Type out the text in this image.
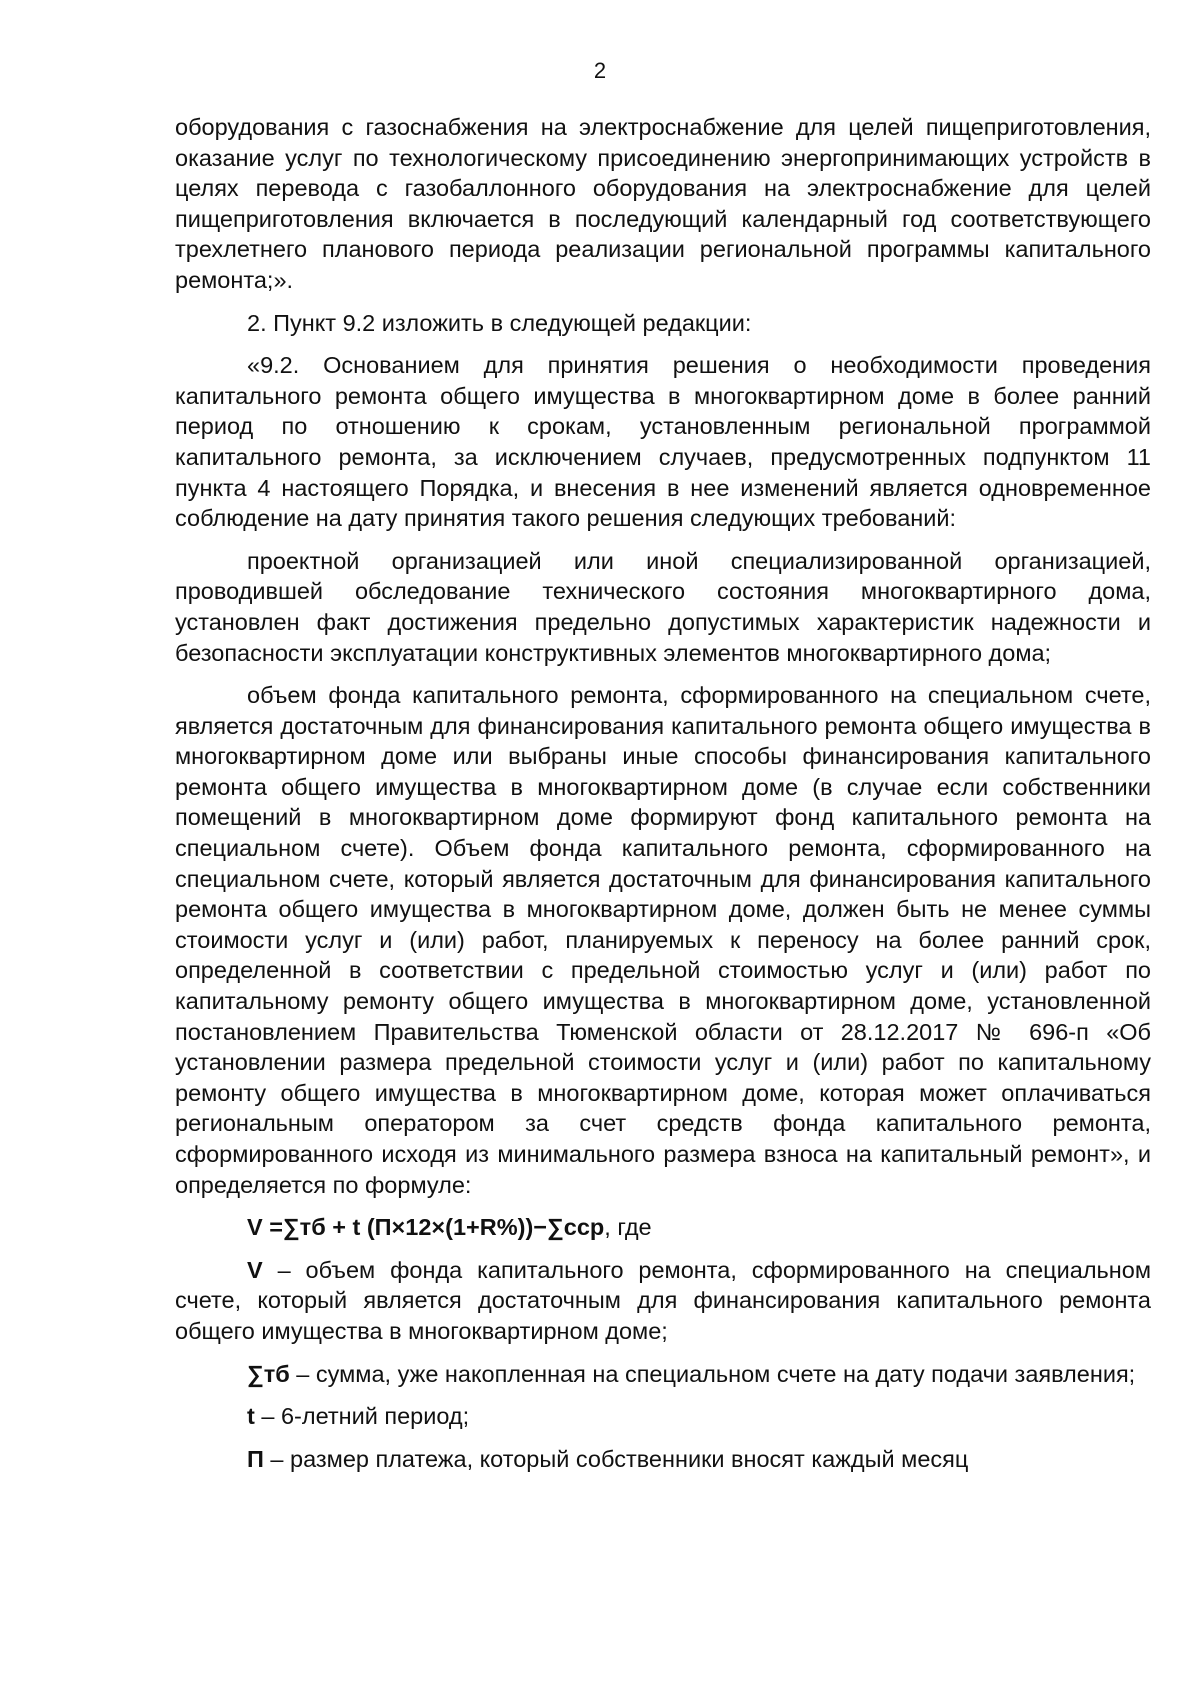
2

оборудования с газоснабжения на электроснабжение для целей пищеприготовления, оказание услуг по технологическому присоединению энергопринимающих устройств в целях перевода с газобаллонного оборудования на электроснабжение для целей пищеприготовления включается в последующий календарный год соответствующего трехлетнего планового периода реализации региональной программы капитального ремонта;».

2. Пункт 9.2 изложить в следующей редакции:

«9.2. Основанием для принятия решения о необходимости проведения капитального ремонта общего имущества в многоквартирном доме в более ранний период по отношению к срокам, установленным региональной программой капитального ремонта, за исключением случаев, предусмотренных подпунктом 11 пункта 4 настоящего Порядка, и внесения в нее изменений является одновременное соблюдение на дату принятия такого решения следующих требований:

проектной организацией или иной специализированной организацией, проводившей обследование технического состояния многоквартирного дома, установлен факт достижения предельно допустимых характеристик надежности и безопасности эксплуатации конструктивных элементов многоквартирного дома;

объем фонда капитального ремонта, сформированного на специальном счете, является достаточным для финансирования капитального ремонта общего имущества в многоквартирном доме или выбраны иные способы финансирования капитального ремонта общего имущества в многоквартирном доме (в случае если собственники помещений в многоквартирном доме формируют фонд капитального ремонта на специальном счете). Объем фонда капитального ремонта, сформированного на специальном счете, который является достаточным для финансирования капитального ремонта общего имущества в многоквартирном доме, должен быть не менее суммы стоимости услуг и (или) работ, планируемых к переносу на более ранний срок, определенной в соответствии с предельной стоимостью услуг и (или) работ по капитальному ремонту общего имущества в многоквартирном доме, установленной постановлением Правительства Тюменской области от 28.12.2017 № 696-п «Об установлении размера предельной стоимости услуг и (или) работ по капитальному ремонту общего имущества в многоквартирном доме, которая может оплачиваться региональным оператором за счет средств фонда капитального ремонта, сформированного исходя из минимального размера взноса на капитальный ремонт», и определяется по формуле:

V =∑тб + t (П×12×(1+R%))−∑сср, где

V – объем фонда капитального ремонта, сформированного на специальном счете, который является достаточным для финансирования капитального ремонта общего имущества в многоквартирном доме;

∑тб – сумма, уже накопленная на специальном счете на дату подачи заявления;

t – 6-летний период;

П – размер платежа, который собственники вносят каждый месяц
